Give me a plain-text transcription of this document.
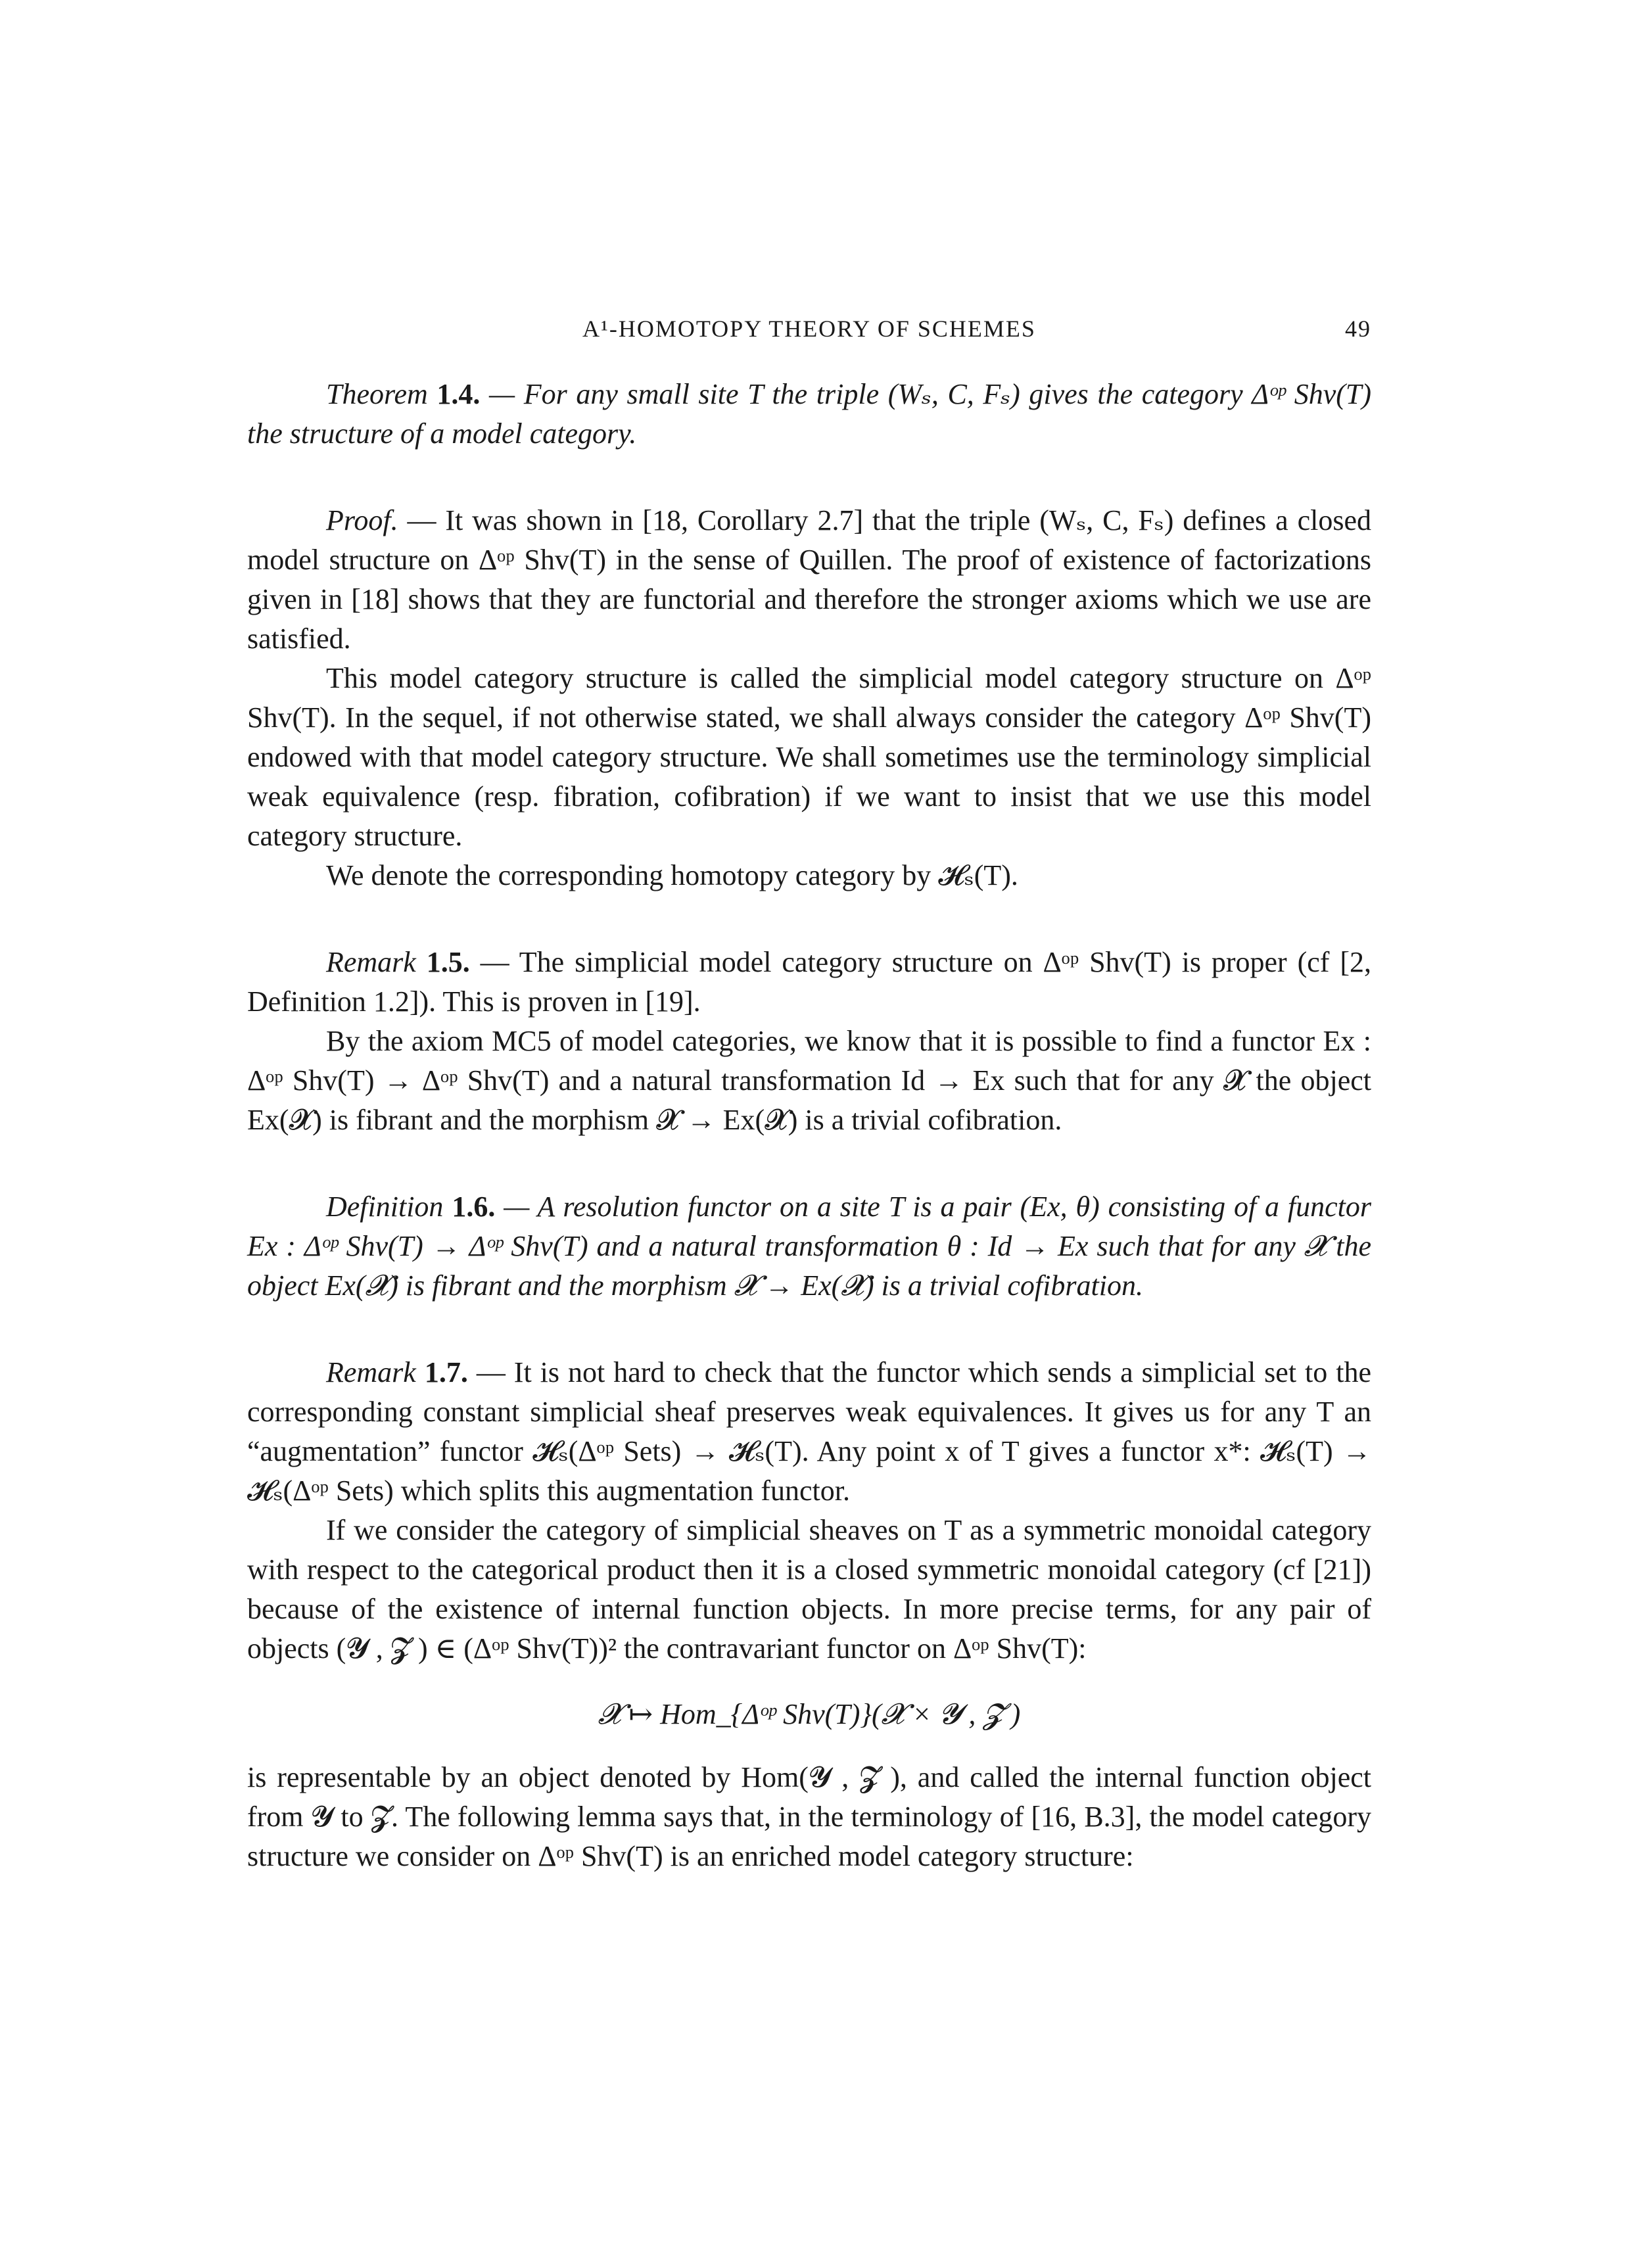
A¹-HOMOTOPY THEORY OF SCHEMES	49

Theorem 1.4. — For any small site T the triple (Wₛ, C, Fₛ) gives the category Δᵒᵖ Shv(T) the structure of a model category.

Proof. — It was shown in [18, Corollary 2.7] that the triple (Wₛ, C, Fₛ) defines a closed model structure on Δᵒᵖ Shv(T) in the sense of Quillen. The proof of existence of factorizations given in [18] shows that they are functorial and therefore the stronger axioms which we use are satisfied.

This model category structure is called the simplicial model category structure on Δᵒᵖ Shv(T). In the sequel, if not otherwise stated, we shall always consider the category Δᵒᵖ Shv(T) endowed with that model category structure. We shall sometimes use the terminology simplicial weak equivalence (resp. fibration, cofibration) if we want to insist that we use this model category structure.

We denote the corresponding homotopy category by 𝓗ₛ(T).

Remark 1.5. — The simplicial model category structure on Δᵒᵖ Shv(T) is proper (cf [2, Definition 1.2]). This is proven in [19].

By the axiom MC5 of model categories, we know that it is possible to find a functor Ex : Δᵒᵖ Shv(T) → Δᵒᵖ Shv(T) and a natural transformation Id → Ex such that for any 𝓧 the object Ex(𝓧) is fibrant and the morphism 𝓧 → Ex(𝓧) is a trivial cofibration.

Definition 1.6. — A resolution functor on a site T is a pair (Ex, θ) consisting of a functor Ex : Δᵒᵖ Shv(T) → Δᵒᵖ Shv(T) and a natural transformation θ : Id → Ex such that for any 𝓧 the object Ex(𝓧) is fibrant and the morphism 𝓧 → Ex(𝓧) is a trivial cofibration.

Remark 1.7. — It is not hard to check that the functor which sends a simplicial set to the corresponding constant simplicial sheaf preserves weak equivalences. It gives us for any T an “augmentation” functor 𝓗ₛ(Δᵒᵖ Sets) → 𝓗ₛ(T). Any point x of T gives a functor x*: 𝓗ₛ(T) → 𝓗ₛ(Δᵒᵖ Sets) which splits this augmentation functor.

If we consider the category of simplicial sheaves on T as a symmetric monoidal category with respect to the categorical product then it is a closed symmetric monoidal category (cf [21]) because of the existence of internal function objects. In more precise terms, for any pair of objects (𝓨 , 𝓩 ) ∈ (Δᵒᵖ Shv(T))² the contravariant functor on Δᵒᵖ Shv(T):

𝓧 ↦ Hom_{Δᵒᵖ Shv(T)}(𝓧 × 𝓨 , 𝓩 )

is representable by an object denoted by Hom(𝓨 , 𝓩 ), and called the internal function object from 𝓨 to 𝓩. The following lemma says that, in the terminology of [16, B.3], the model category structure we consider on Δᵒᵖ Shv(T) is an enriched model category structure:
